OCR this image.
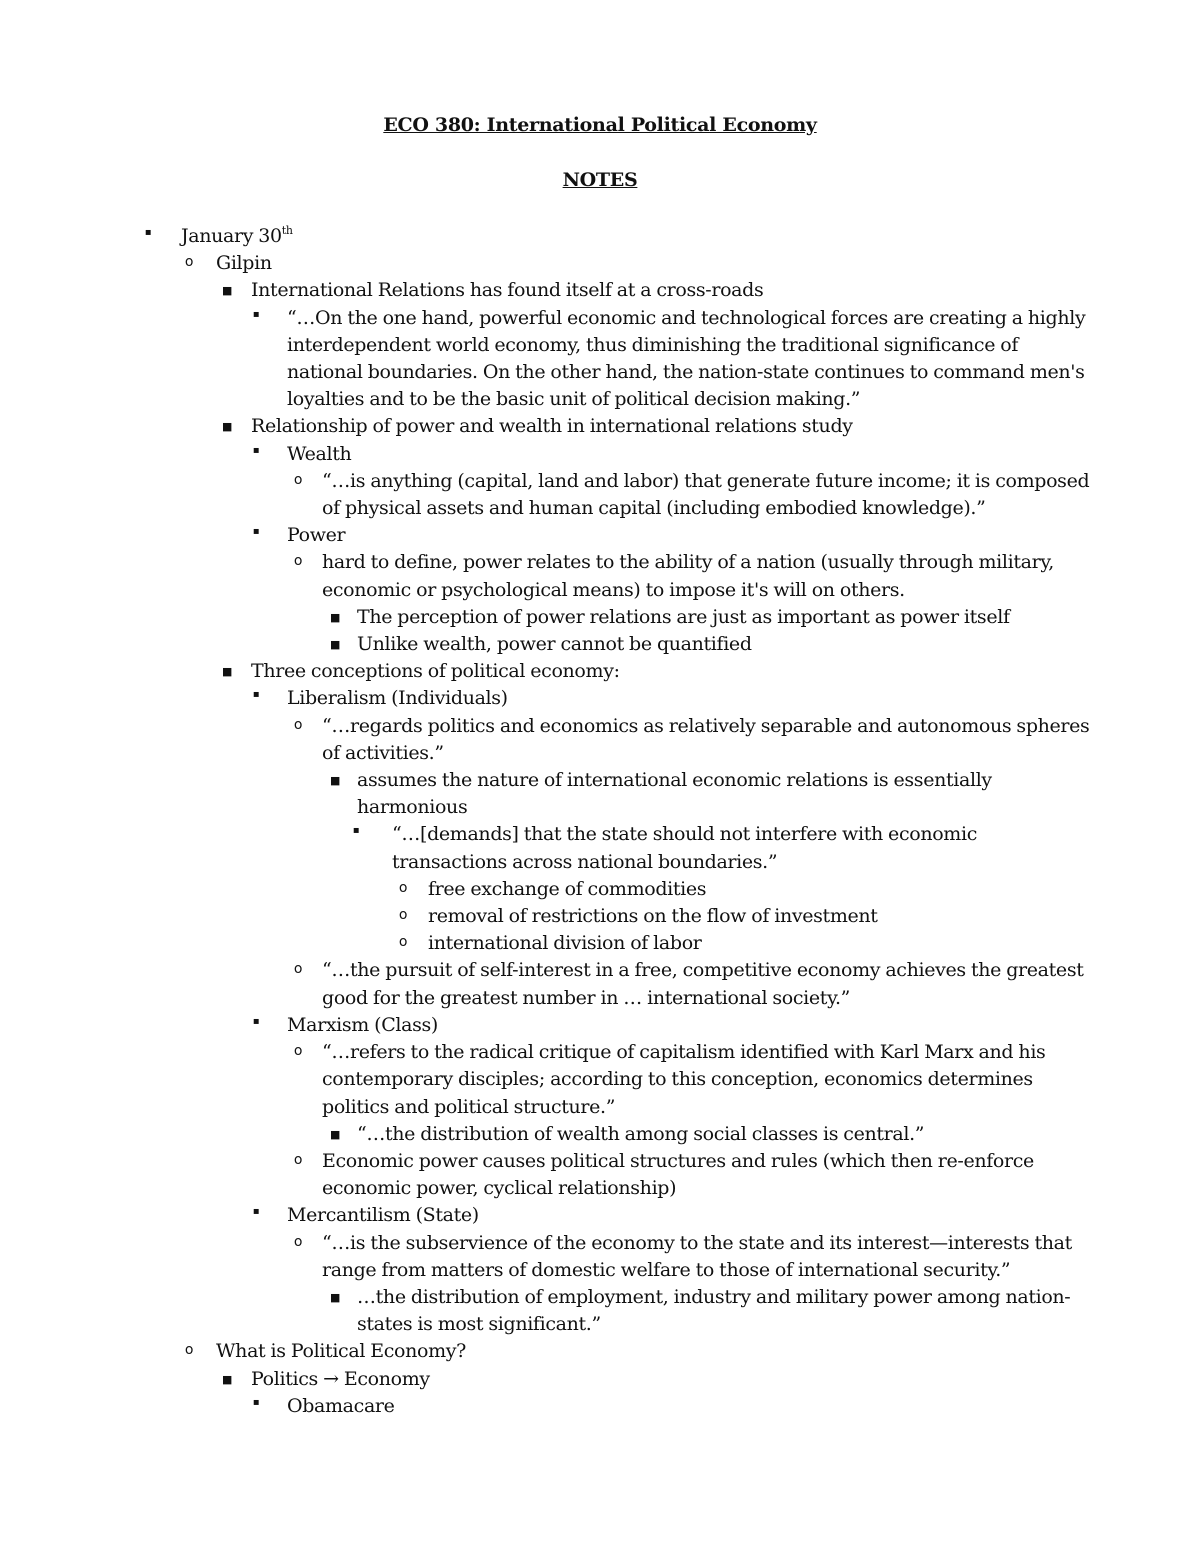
ECO 380: International Political Economy
NOTES
▪ January 30th
o Gilpin
■ International Relations has found itself at a cross-roads
▪ “…On the one hand, powerful economic and technological forces are creating a highly interdependent world economy, thus diminishing the traditional significance of national boundaries. On the other hand, the nation-state continues to command men's loyalties and to be the basic unit of political decision making.”
■ Relationship of power and wealth in international relations study
▪ Wealth
o “…is anything (capital, land and labor) that generate future income; it is composed of physical assets and human capital (including embodied knowledge).”
▪ Power
o hard to define, power relates to the ability of a nation (usually through military, economic or psychological means) to impose it's will on others.
■ The perception of power relations are just as important as power itself
■ Unlike wealth, power cannot be quantified
■ Three conceptions of political economy:
▪ Liberalism (Individuals)
o “…regards politics and economics as relatively separable and autonomous spheres of activities.”
■ assumes the nature of international economic relations is essentially harmonious
▪ “…[demands] that the state should not interfere with economic transactions across national boundaries.”
o free exchange of commodities
o removal of restrictions on the flow of investment
o international division of labor
o “…the pursuit of self-interest in a free, competitive economy achieves the greatest good for the greatest number in … international society.”
▪ Marxism (Class)
o “…refers to the radical critique of capitalism identified with Karl Marx and his contemporary disciples; according to this conception, economics determines politics and political structure.”
■ “…the distribution of wealth among social classes is central.”
o Economic power causes political structures and rules (which then re-enforce economic power, cyclical relationship)
▪ Mercantilism (State)
o “…is the subservience of the economy to the state and its interest—interests that range from matters of domestic welfare to those of international security.”
■ …the distribution of employment, industry and military power among nation-states is most significant.”
o What is Political Economy?
■ Politics → Economy
▪ Obamacare
